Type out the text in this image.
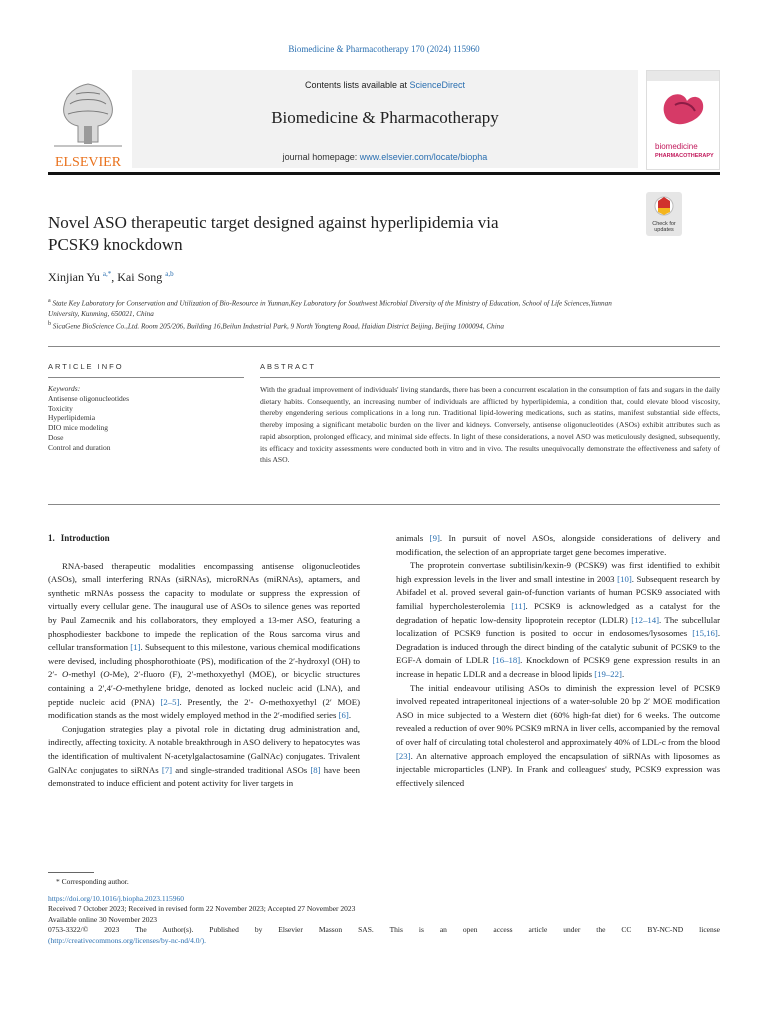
Biomedicine & Pharmacotherapy 170 (2024) 115960
ELSEVIER
Contents lists available at ScienceDirect
Biomedicine & Pharmacotherapy
journal homepage: www.elsevier.com/locate/biopha
biomedicine
PHARMACOTHERAPY
Check for
updates
Novel ASO therapeutic target designed against hyperlipidemia via
PCSK9 knockdown
Xinjian Yu $^{a,*}$, Kai Song $^{a,b}$
$^a$ State Key Laboratory for Conservation and Utilization of Bio-Resource in Yunnan,Key Laboratory for Southwest Microbial Diversity of the Ministry of Education, School of Life Sciences,Yunnan University, Kunming, 650021, China
$^b$ SicaGene BioScience Co.,Ltd. Room 205/206, Building 16,Beilun Industrial Park, 9 North Yongteng Road, Haidian District Beijing, Beijing 1000094, China
ARTICLE INFO	ABSTRACT
Keywords:
Antisense oligonucleotides
Toxicity
Hyperlipidemia
DIO mice modeling
Dose
Control and duration
With the gradual improvement of individuals' living standards, there has been a concurrent escalation in the consumption of fats and sugars in the daily dietary habits. Consequently, an increasing number of individuals are afflicted by hyperlipidemia, a condition that, could elevate blood viscosity, thereby engendering serious complications in a long run. Traditional lipid-lowering medications, such as statins, manifest substantial side effects, thereby imposing a significant metabolic burden on the liver and kidneys. Conversely, antisense oligonucleotides (ASOs) exhibit attributes such as rapid absorption, prolonged efficacy, and minimal side effects. In light of these considerations, a novel ASO was meticulously designed, subsequently, its efficacy and toxicity assessments were conducted both in vitro and in vivo. The results unequivocally demonstrate the effectiveness and safety of this ASO.
1. Introduction

RNA-based therapeutic modalities encompassing antisense oligonucleotides (ASOs), small interfering RNAs (siRNAs), microRNAs (miRNAs), aptamers, and synthetic mRNAs possess the capacity to modulate or suppress the expression of virtually every cellular gene. The inaugural use of ASOs to silence genes was reported by Paul Zamecnik and his collaborators, they employed a 13-mer ASO, featuring a phosphodiester backbone to impede the replication of the Rous sarcoma virus and cellular transformation [1]. Subsequent to this milestone, various chemical modifications were devised, including phosphorothioate (PS), modification of the 2′-hydroxyl (OH) to 2′- O-methyl (O-Me), 2′-fluoro (F), 2′-methoxyethyl (MOE), or bicyclic structures containing a 2′,4′-O-methylene bridge, denoted as locked nucleic acid (LNA), and peptide nucleic acid (PNA) [2–5]. Presently, the 2′- O-methoxyethyl (2′ MOE) modification stands as the most widely employed method in the 2′-modified series [6].

Conjugation strategies play a pivotal role in dictating drug administration and, indirectly, affecting toxicity. A notable breakthrough in ASO delivery to hepatocytes was the identification of multivalent N-acetylgalactosamine (GalNAc) conjugates. Trivalent GalNAc conjugates to siRNAs [7] and single-stranded traditional ASOs [8] have been demonstrated to induce efficient and potent activity for liver targets in

animals [9]. In pursuit of novel ASOs, alongside considerations of delivery and modification, the selection of an appropriate target gene becomes imperative.

The proprotein convertase subtilisin/kexin-9 (PCSK9) was first identified to exhibit high expression levels in the liver and small intestine in 2003 [10]. Subsequent research by Abifadel et al. proved several gain-of-function variants of human PCSK9 associated with familial hypercholesterolemia [11]. PCSK9 is acknowledged as a catalyst for the degradation of hepatic low-density lipoprotein receptor (LDLR) [12–14]. The subcellular localization of PCSK9 function is posited to occur in endosomes/lysosomes [15,16]. Degradation is induced through the direct binding of the catalytic subunit of PCSK9 to the EGF-A domain of LDLR [16–18]. Knockdown of PCSK9 gene expression results in an increase in hepatic LDLR and a decrease in blood lipids [19–22].

The initial endeavour utilising ASOs to diminish the expression level of PCSK9 involved repeated intraperitoneal injections of a water-soluble 20 bp 2′ MOE modification ASO in mice subjected to a Western diet (60% high-fat diet) for 6 weeks. The outcome revealed a reduction of over 90% PCSK9 mRNA in liver cells, accompanied by the removal of over half of circulating total cholesterol and approximately 40% of LDL-c from the blood [23]. An alternative approach employed the encapsulation of siRNAs with liposomes as injectable microparticles (LNP). In Frank and colleagues' study, PCSK9 expression was effectively silenced

* Corresponding author.
https://doi.org/10.1016/j.biopha.2023.115960
Received 7 October 2023; Received in revised form 22 November 2023; Accepted 27 November 2023
Available online 30 November 2023
0753-3322/© 2023 The Author(s). Published by Elsevier Masson SAS. This is an open access article under the CC BY-NC-ND license
(http://creativecommons.org/licenses/by-nc-nd/4.0/).
